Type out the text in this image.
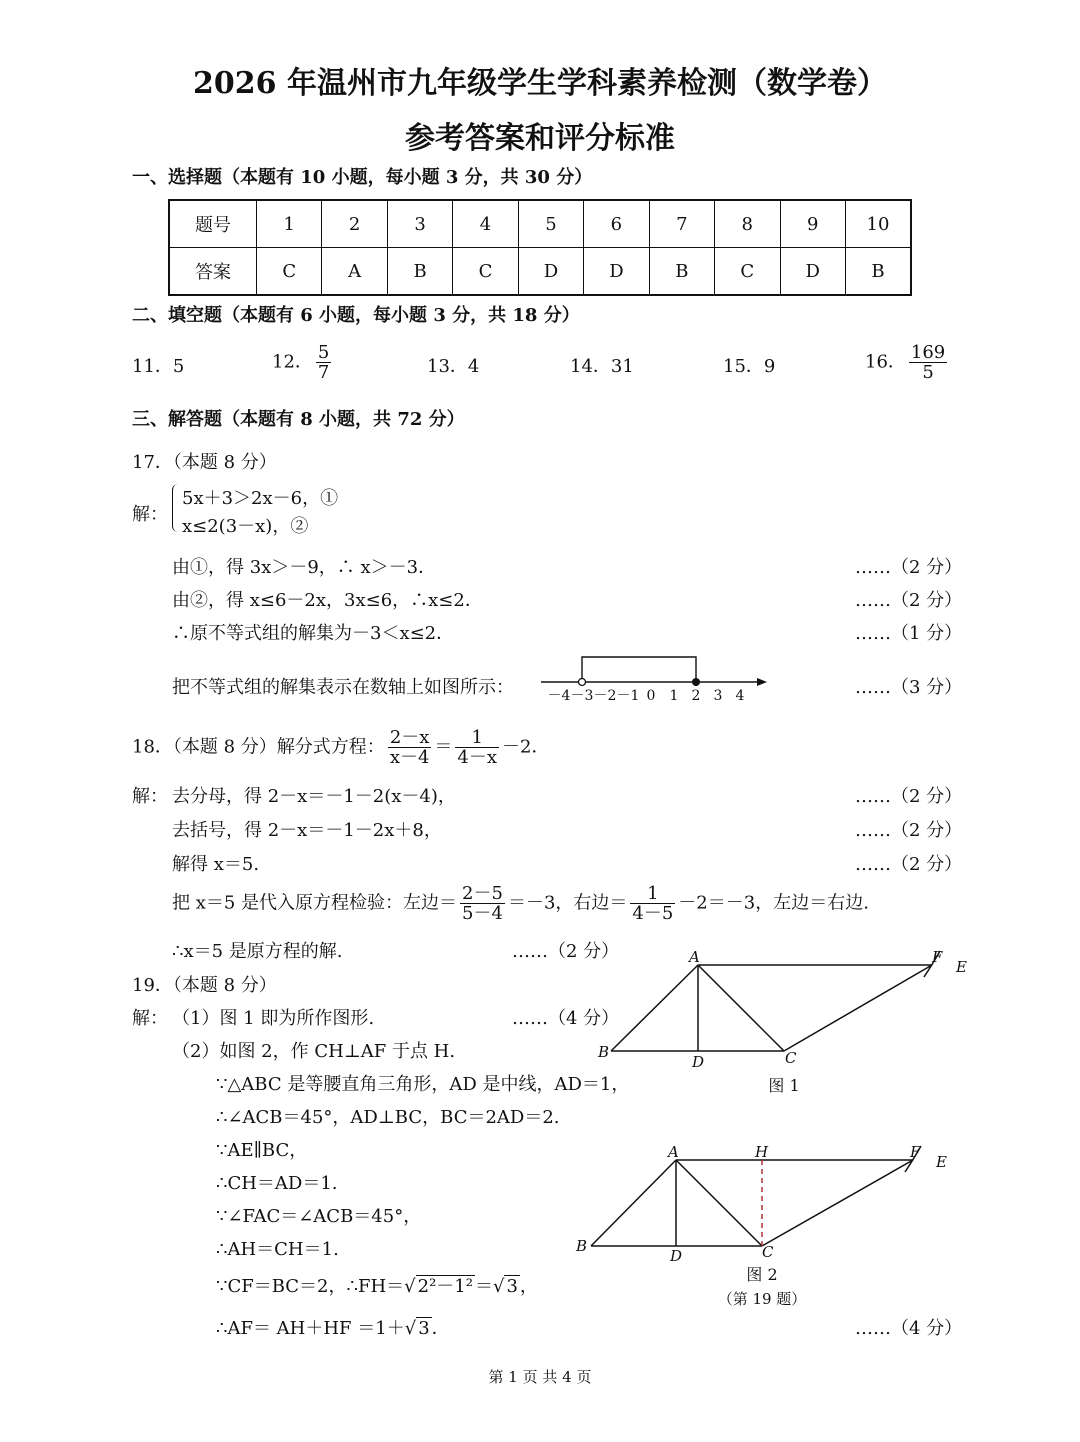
2026 年温州市九年级学生学科素养检测（数学卷）
参考答案和评分标准
一、选择题（本题有 10 小题，每小题 3 分，共 30 分）
题号	1	2	3	4	5	6	7	8	9	10
答案	C	A	B	C	D	D	B	C	D	B
二、填空题（本题有 6 小题，每小题 3 分，共 18 分）
11．5	12． $\frac{5}{7}$	13．4	14．31	15．9	16． $\frac{169}{5}$
三、解答题（本题有 8 小题，共 72 分）
17．（本题 8 分）
解：
5x＋3＞2x－6，①
x≤2(3－x)，②
由①，得 3x＞－9，∴ x＞－3．	……（2 分）
由②，得 x≤6－2x，3x≤6，∴x≤2．	……（2 分）
∴原不等式组的解集为－3＜x≤2．	……（1 分）
把不等式组的解集表示在数轴上如图所示：	……（3 分）
－4 －3 －2 －1 0 1 2 3 4
18．（本题 8 分）解分式方程： $\frac{2-x}{x-4} = \frac{1}{4-x} -2$．
解： 去分母，得 2－x＝－1－2(x－4)，	……（2 分）
去括号，得 2－x＝－1－2x＋8，	……（2 分）
解得 x＝5.	……（2 分）
把 x＝5 是代入原方程检验：左边＝ $\frac{2-5}{5-4} =-3$，右边＝ $\frac{1}{4-5} -2=-3$，左边＝右边.
∴x＝5 是原方程的解.	……（2 分）
19．（本题 8 分）
解： （1）图 1 即为所作图形.	……（4 分）
（2）如图 2，作 CH⊥AF 于点 H.
∵△ABC 是等腰直角三角形，AD 是中线，AD＝1，
∴∠ACB＝45°，AD⊥BC，BC＝2AD＝2.
∵AE∥BC，
∴CH＝AD＝1.
∵∠FAC＝∠ACB＝45°，
∴AH＝CH＝1.
∵CF＝BC＝2，∴FH＝√ 2²－1² ＝√ 3 ，
∴AF＝ AH＋HF ＝1＋√ 3 ．	……（4 分）
A
B
D	C
F
E
图 1
A	H
B
D	C
F
E
图 2
（第 19 题）
第 1 页 共 4 页
